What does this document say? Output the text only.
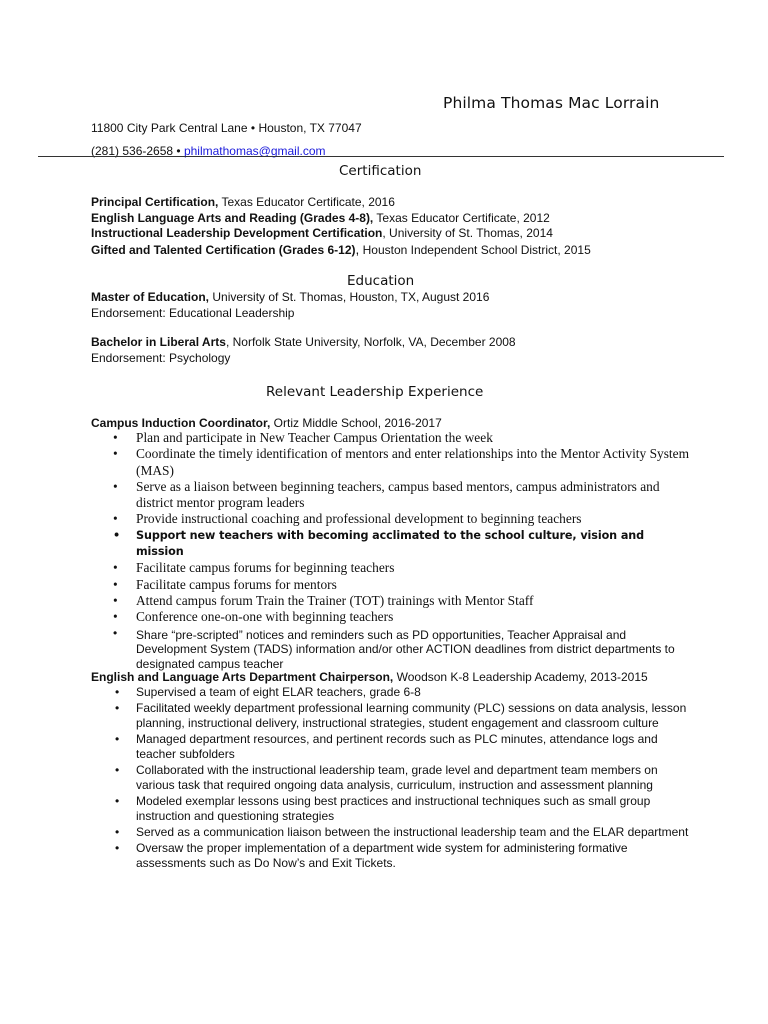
Philma Thomas Mac Lorrain
11800 City Park Central Lane • Houston, TX 77047
(281) 536-2658 • philmathomas@gmail.com
Certification
Principal Certification, Texas Educator Certificate, 2016
English Language Arts and Reading (Grades 4-8), Texas Educator Certificate, 2012
Instructional Leadership Development Certification, University of St. Thomas, 2014
Gifted and Talented Certification (Grades 6-12), Houston Independent School District, 2015
Education
Master of Education, University of St. Thomas, Houston, TX, August 2016
Endorsement: Educational Leadership
Bachelor in Liberal Arts, Norfolk State University, Norfolk, VA, December 2008
Endorsement: Psychology
Relevant Leadership Experience
Campus Induction Coordinator, Ortiz Middle School, 2016-2017
• Plan and participate in New Teacher Campus Orientation the week
• Coordinate the timely identification of mentors and enter relationships into the Mentor Activity System (MAS)
• Serve as a liaison between beginning teachers, campus based mentors, campus administrators and district mentor program leaders
• Provide instructional coaching and professional development to beginning teachers
• Support new teachers with becoming acclimated to the school culture, vision and mission
• Facilitate campus forums for beginning teachers
• Facilitate campus forums for mentors
• Attend campus forum Train the Trainer (TOT) trainings with Mentor Staff
• Conference one-on-one with beginning teachers
• Share “pre-scripted” notices and reminders such as PD opportunities, Teacher Appraisal and Development System (TADS) information and/or other ACTION deadlines from district departments to designated campus teacher
English and Language Arts Department Chairperson, Woodson K-8 Leadership Academy, 2013-2015
• Supervised a team of eight ELAR teachers, grade 6-8
• Facilitated weekly department professional learning community (PLC) sessions on data analysis, lesson planning, instructional delivery, instructional strategies, student engagement and classroom culture
• Managed department resources, and pertinent records such as PLC minutes, attendance logs and teacher subfolders
• Collaborated with the instructional leadership team, grade level and department team members on various task that required ongoing data analysis, curriculum, instruction and assessment planning
• Modeled exemplar lessons using best practices and instructional techniques such as small group instruction and questioning strategies
• Served as a communication liaison between the instructional leadership team and the ELAR department
• Oversaw the proper implementation of a department wide system for administering formative assessments such as Do Now’s and Exit Tickets.
